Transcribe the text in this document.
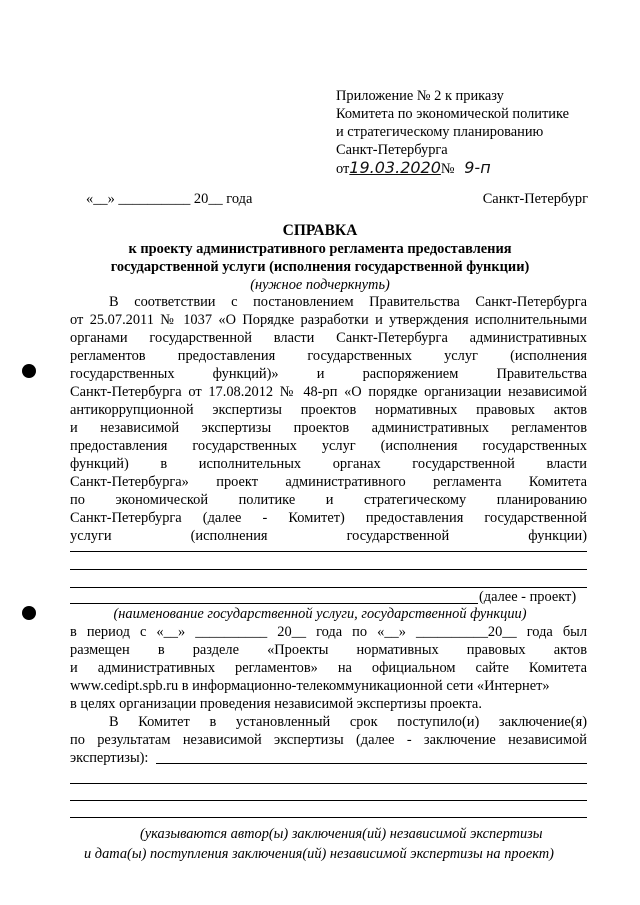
Приложение № 2 к приказу
Комитета по экономической политике
и стратегическому планированию
Санкт-Петербурга
от19.03.2020№ 9-п
«__» __________ 20__ года	Санкт-Петербург
СПРАВКА
к проекту административного регламента предоставления
государственной услуги (исполнения государственной функции)
(нужное подчеркнуть)
В соответствии с постановлением Правительства Санкт-Петербурга
от 25.07.2011 № 1037 «О Порядке разработки и утверждения исполнительными
органами государственной власти Санкт-Петербурга административных
регламентов предоставления государственных услуг (исполнения
государственных функций)» и распоряжением Правительства
Санкт-Петербурга от 17.08.2012 № 48-рп «О порядке организации независимой
антикоррупционной экспертизы проектов нормативных правовых актов
и независимой экспертизы проектов административных регламентов
предоставления государственных услуг (исполнения государственных
функций) в исполнительных органах государственной власти
Санкт-Петербурга» проект административного регламента Комитета
по экономической политике и стратегическому планированию
Санкт-Петербурга (далее - Комитет) предоставления государственной
услуги (исполнения государственной функции)
(далее - проект)
(наименование государственной услуги, государственной функции)
в период с «__» __________ 20__ года по «__» __________20__ года был
размещен в разделе «Проекты нормативных правовых актов
и административных регламентов» на официальном сайте Комитета
www.cedipt.spb.ru в информационно-телекоммуникационной сети «Интернет»
в целях организации проведения независимой экспертизы проекта.
В Комитет в установленный срок поступило(и) заключение(я)
по результатам независимой экспертизы (далее - заключение независимой
экспертизы):
(указываются автор(ы) заключения(ий) независимой экспертизы
и дата(ы) поступления заключения(ий) независимой экспертизы на проект)
